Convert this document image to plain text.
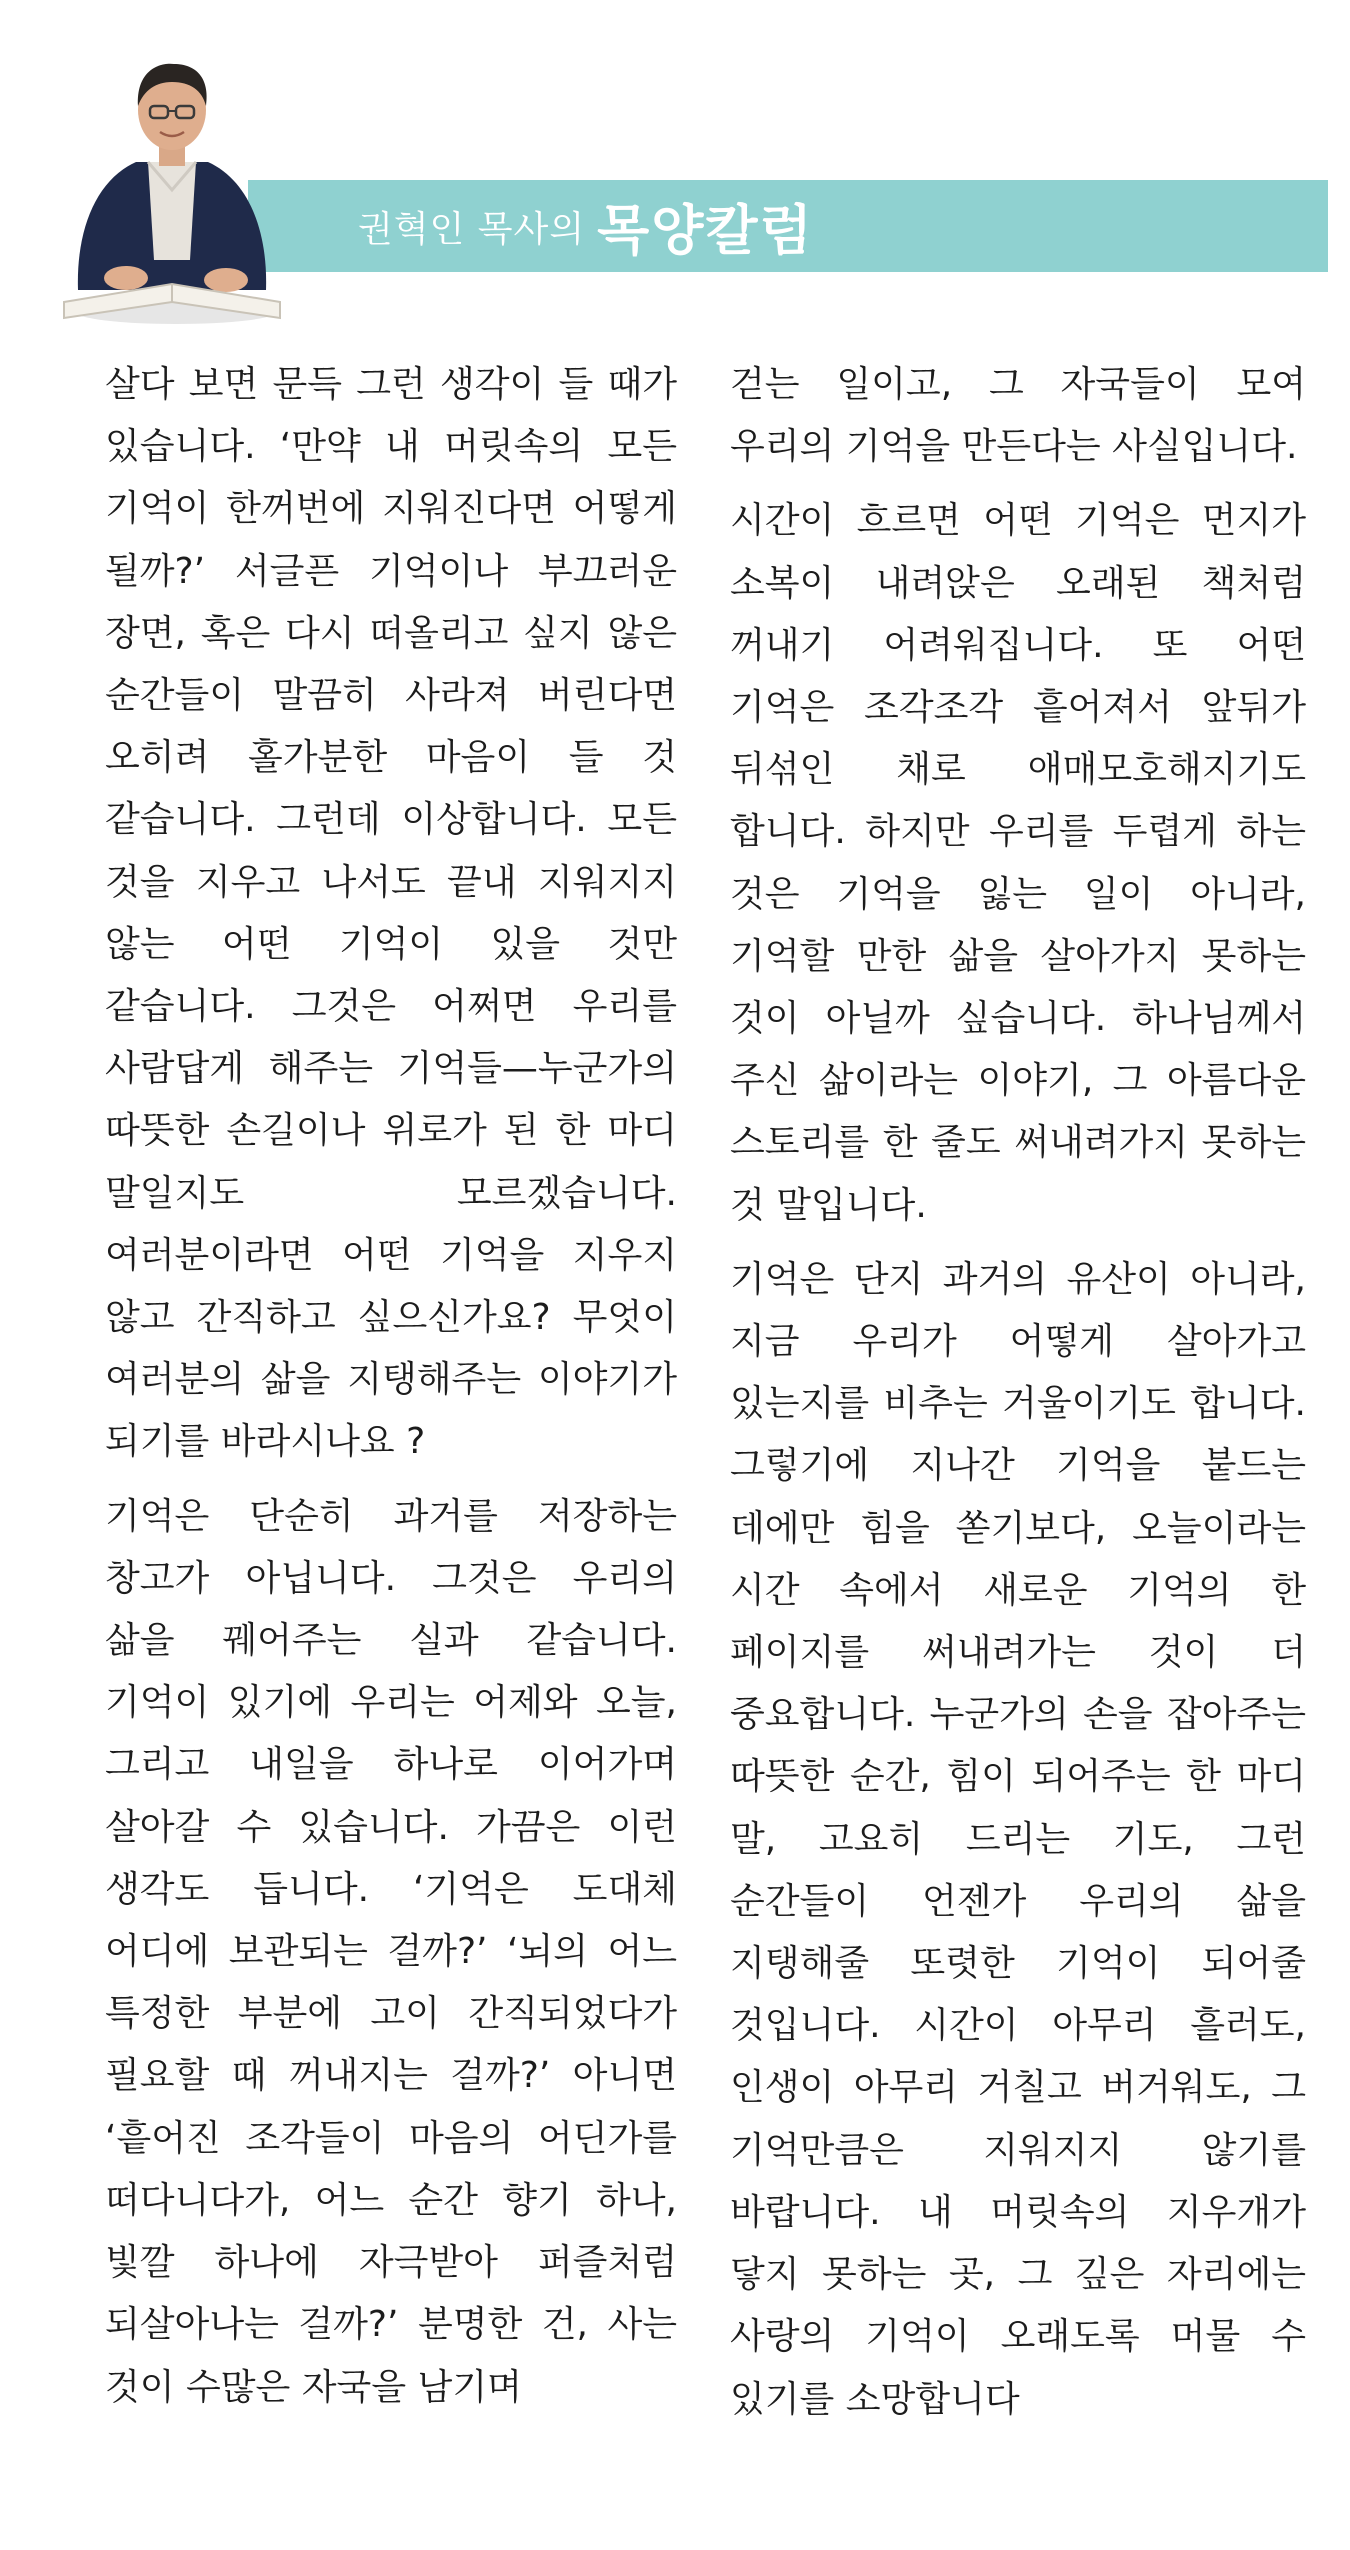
권혁인 목사의 목양칼럼

살다 보면 문득 그런 생각이 들 때가 있습니다. ‘만약 내 머릿속의 모든 기억이 한꺼번에 지워진다면 어떻게 될까?’ 서글픈 기억이나 부끄러운 장면, 혹은 다시 떠올리고 싶지 않은 순간들이 말끔히 사라져 버린다면 오히려 홀가분한 마음이 들 것 같습니다. 그런데 이상합니다. 모든 것을 지우고 나서도 끝내 지워지지 않는 어떤 기억이 있을 것만 같습니다. 그것은 어쩌면 우리를 사람답게 해주는 기억들—누군가의 따뜻한 손길이나 위로가 된 한 마디 말일지도 모르겠습니다. 여러분이라면 어떤 기억을 지우지 않고 간직하고 싶으신가요? 무엇이 여러분의 삶을 지탱해주는 이야기가 되기를 바라시나요 ?

기억은 단순히 과거를 저장하는 창고가 아닙니다. 그것은 우리의 삶을 꿰어주는 실과 같습니다. 기억이 있기에 우리는 어제와 오늘, 그리고 내일을 하나로 이어가며 살아갈 수 있습니다. 가끔은 이런 생각도 듭니다. ‘기억은 도대체 어디에 보관되는 걸까?’ ‘뇌의 어느 특정한 부분에 고이 간직되었다가 필요할 때 꺼내지는 걸까?’ 아니면 ‘흩어진 조각들이 마음의 어딘가를 떠다니다가, 어느 순간 향기 하나, 빛깔 하나에 자극받아 퍼즐처럼 되살아나는 걸까?’ 분명한 건, 사는 것이 수많은 자국을 남기며

걷는 일이고, 그 자국들이 모여 우리의 기억을 만든다는 사실입니다.

시간이 흐르면 어떤 기억은 먼지가 소복이 내려앉은 오래된 책처럼 꺼내기 어려워집니다. 또 어떤 기억은 조각조각 흩어져서 앞뒤가 뒤섞인 채로 애매모호해지기도 합니다. 하지만 우리를 두렵게 하는 것은 기억을 잃는 일이 아니라, 기억할 만한 삶을 살아가지 못하는 것이 아닐까 싶습니다. 하나님께서 주신 삶이라는 이야기, 그 아름다운 스토리를 한 줄도 써내려가지 못하는 것 말입니다.

기억은 단지 과거의 유산이 아니라, 지금 우리가 어떻게 살아가고 있는지를 비추는 거울이기도 합니다. 그렇기에 지나간 기억을 붙드는 데에만 힘을 쏟기보다, 오늘이라는 시간 속에서 새로운 기억의 한 페이지를 써내려가는 것이 더 중요합니다. 누군가의 손을 잡아주는 따뜻한 순간, 힘이 되어주는 한 마디 말, 고요히 드리는 기도, 그런 순간들이 언젠가 우리의 삶을 지탱해줄 또렷한 기억이 되어줄 것입니다. 시간이 아무리 흘러도, 인생이 아무리 거칠고 버거워도, 그 기억만큼은 지워지지 않기를 바랍니다. 내 머릿속의 지우개가 닿지 못하는 곳, 그 깊은 자리에는 사랑의 기억이 오래도록 머물 수 있기를 소망합니다
